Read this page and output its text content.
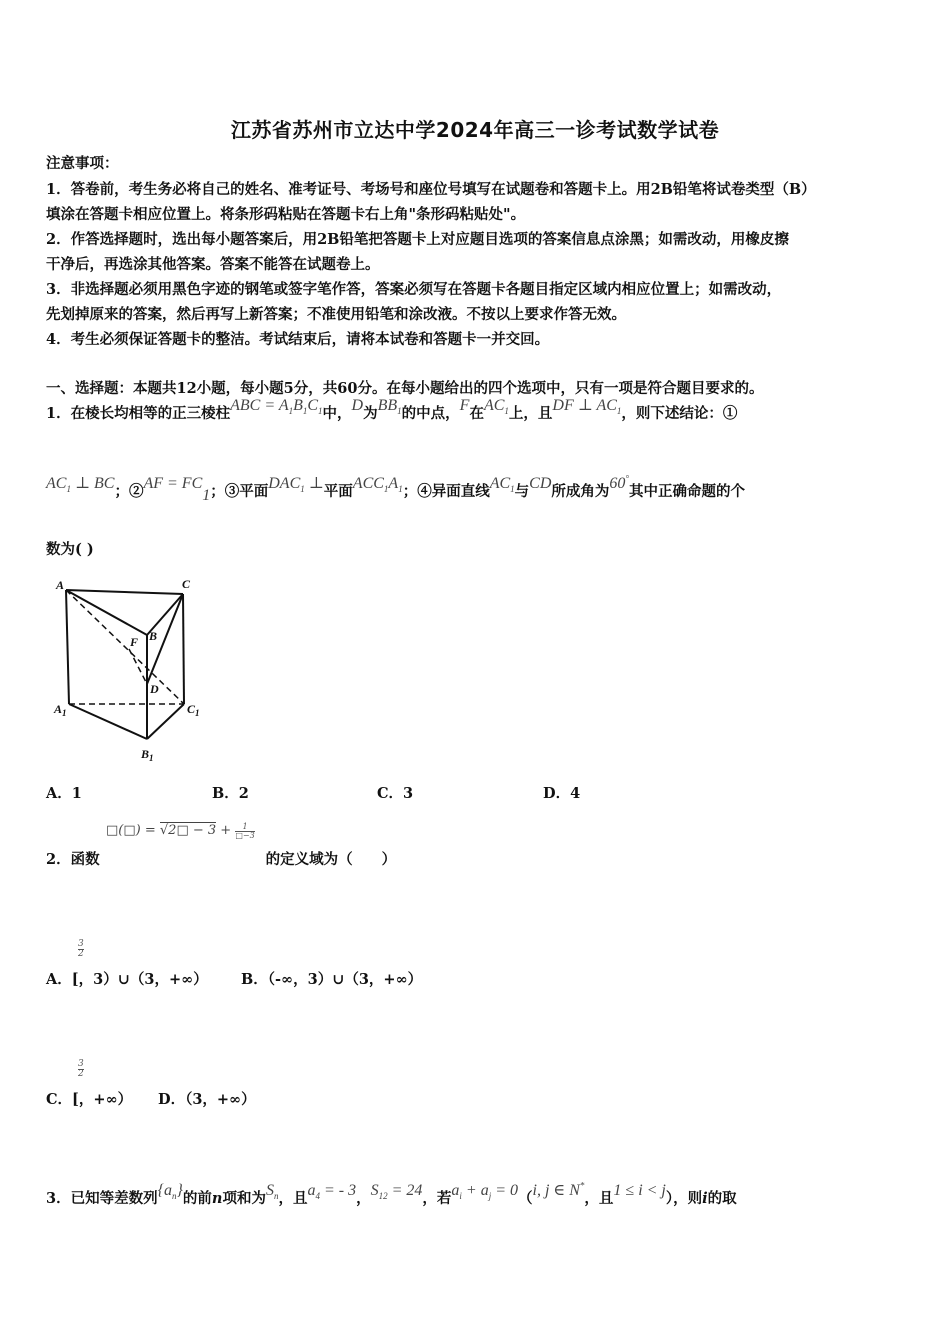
江苏省苏州市立达中学2024年高三一诊考试数学试卷
注意事项：
1．答卷前，考生务必将自己的姓名、准考证号、考场号和座位号填写在试题卷和答题卡上。用2B铅笔将试卷类型（B）
填涂在答题卡相应位置上。将条形码粘贴在答题卡右上角"条形码粘贴处"。
2．作答选择题时，选出每小题答案后，用2B铅笔把答题卡上对应题目选项的答案信息点涂黑；如需改动，用橡皮擦
干净后，再选涂其他答案。答案不能答在试题卷上。
3．非选择题必须用黑色字迹的钢笔或签字笔作答，答案必须写在答题卡各题目指定区域内相应位置上；如需改动，
先划掉原来的答案，然后再写上新答案；不准使用铅笔和涂改液。不按以上要求作答无效。
4．考生必须保证答题卡的整洁。考试结束后，请将本试卷和答题卡一并交回。
一、选择题：本题共12小题，每小题5分，共60分。在每小题给出的四个选项中，只有一项是符合题目要求的。
1．在棱长均相等的正三棱柱ABC = $A_1B_1C_1$中，D为$BB_1$的中点，F在$AC_1$上，且DF ⊥ $AC_1$，则下述结论：①
$AC_1$ ⊥ BC；②AF = $FC_1$；③平面$DAC_1$ ⊥平面$ACC_1A_1$；④异面直线$AC_1$与CD所成角为60°其中正确命题的个
数为( )
A	C
B
F
D
$A_1$	$C_1$
$B_1$
A．1	B．2	C．3	D．4
□(□) = √2□ − $3 + \frac{1}{□-3}$
2．函数	的定义域为（　　）
$\frac{3}{2}$
A．[，3）∪（3，+∞） B．（-∞，3）∪（3，+∞）
$\frac{3}{2}$
C．[，+∞） D．（3，+∞）
3．已知等差数列$\{a_n\}$的前n项和为$S_n$，且$a_4$ = - 3，$S_{12} = 24$，若$a_i + a_j = 0(i$, j ∈ N*，且1 ≤ i < j），则i的取
